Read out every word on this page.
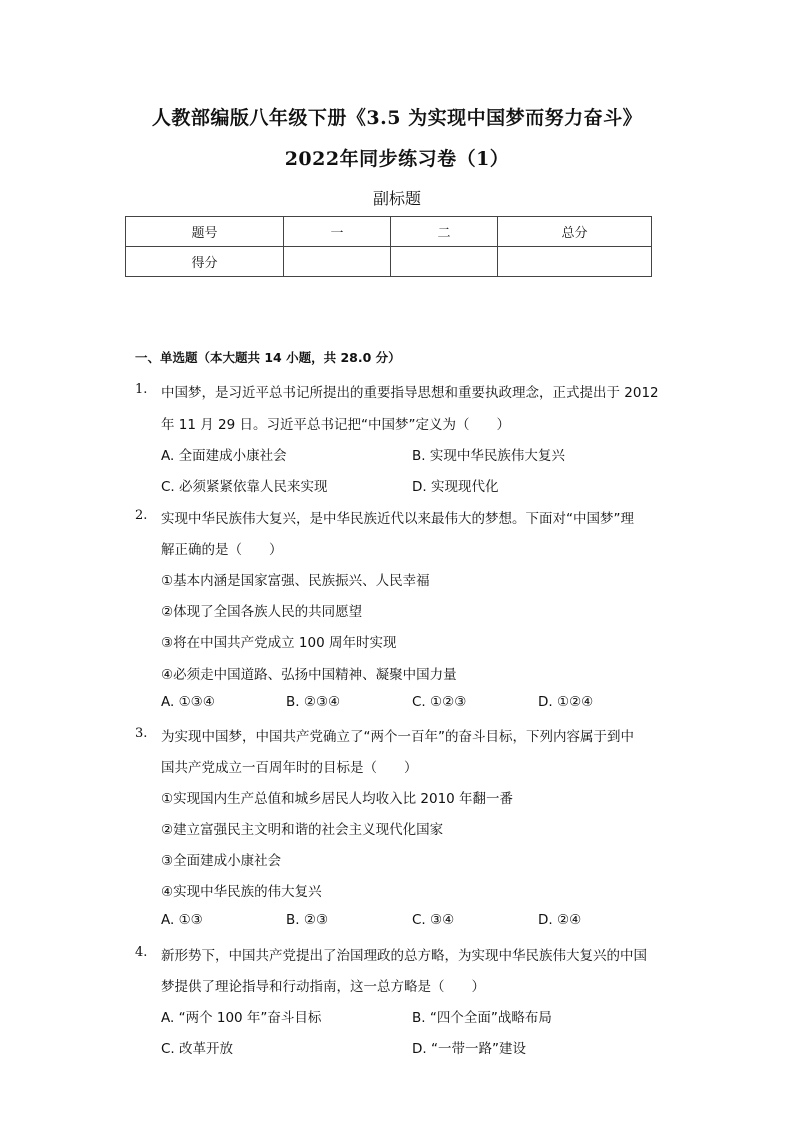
人教部编版八年级下册《3.5 为实现中国梦而努力奋斗》
2022年同步练习卷（1）
副标题
题号	一	二	总分
得分			
一、单选题（本大题共 14 小题，共 28.0 分）
1. 中国梦，是习近平总书记所提出的重要指导思想和重要执政理念，正式提出于 2012
年 11 月 29 日。习近平总书记把“中国梦”定义为（　　）
A. 全面建成小康社会	B. 实现中华民族伟大复兴
C. 必须紧紧依靠人民来实现	D. 实现现代化
2. 实现中华民族伟大复兴，是中华民族近代以来最伟大的梦想。下面对“中国梦”理
解正确的是（　　）
①基本内涵是国家富强、民族振兴、人民幸福
②体现了全国各族人民的共同愿望
③将在中国共产党成立 100 周年时实现
④必须走中国道路、弘扬中国精神、凝聚中国力量
A. ①③④	B. ②③④	C. ①②③	D. ①②④
3. 为实现中国梦，中国共产党确立了“两个一百年”的奋斗目标，下列内容属于到中
国共产党成立一百周年时的目标是（　　）
①实现国内生产总值和城乡居民人均收入比 2010 年翻一番
②建立富强民主文明和谐的社会主义现代化国家
③全面建成小康社会
④实现中华民族的伟大复兴
A. ①③	B. ②③	C. ③④	D. ②④
4. 新形势下，中国共产党提出了治国理政的总方略，为实现中华民族伟大复兴的中国
梦提供了理论指导和行动指南，这一总方略是（　　）
A. “两个 100 年”奋斗目标	B. “四个全面”战略布局
C. 改革开放	D. “一带一路”建设
